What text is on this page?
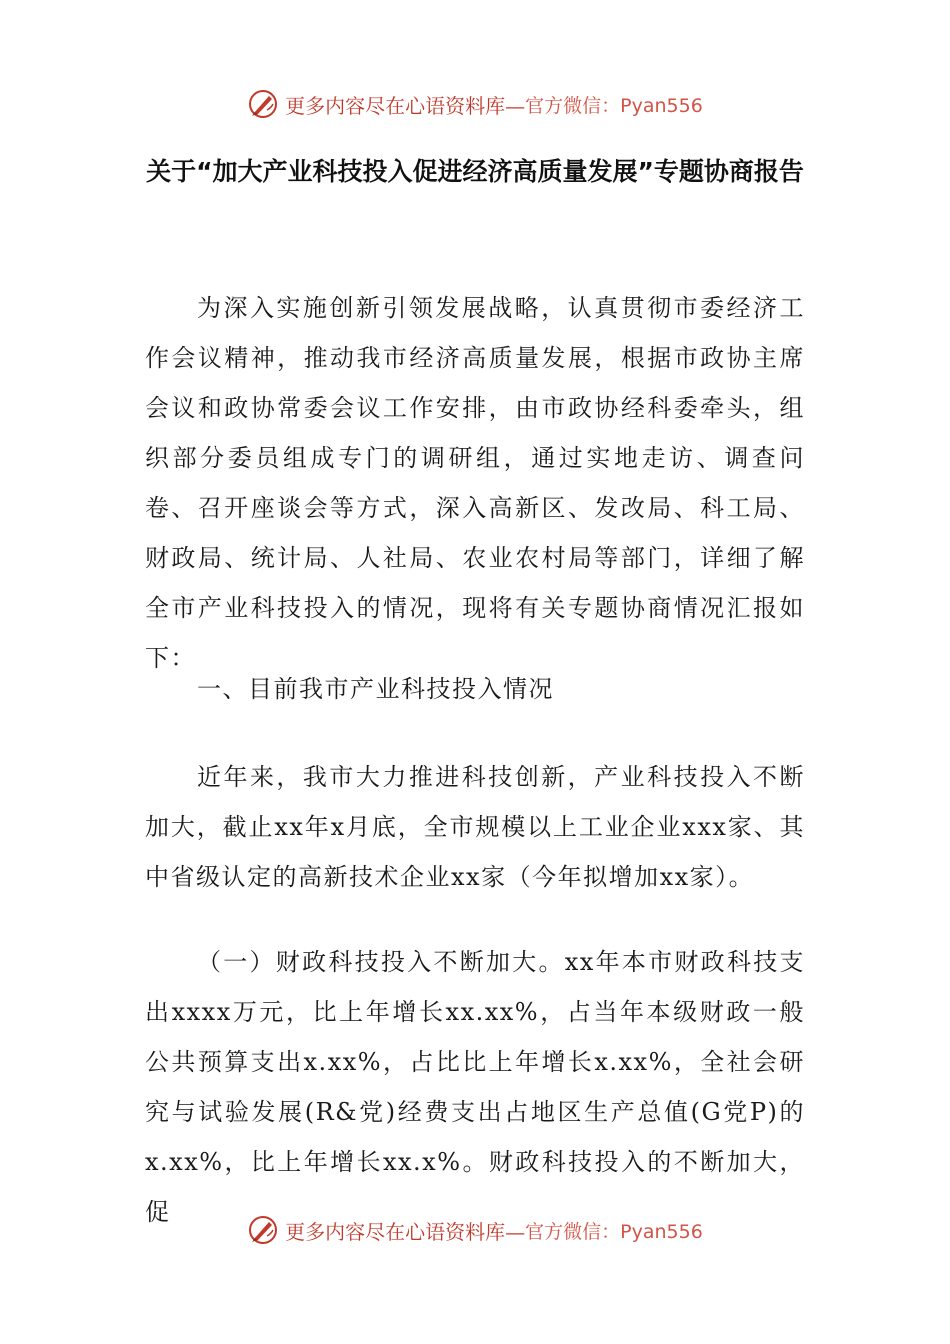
更多内容尽在心语资料库— 官方微信：Pyan556
关于“加大产业科技投入促进经济高质量发展”专题协商报告

为深入实施创新引领发展战略，认真贯彻市委经济工作会议精神，推动我市经济高质量发展，根据市政协主席会议和政协常委会议工作安排，由市政协经科委牵头，组织部分委员组成专门的调研组，通过实地走访、调查问卷、召开座谈会等方式，深入高新区、发改局、科工局、财政局、统计局、人社局、农业农村局等部门，详细了解全市产业科技投入的情况，现将有关专题协商情况汇报如下：

一、目前我市产业科技投入情况

近年来，我市大力推进科技创新，产业科技投入不断加大，截止xx年x月底，全市规模以上工业企业xxx家、其中省级认定的高新技术企业xx家（今年拟增加xx家）。

（一）财政科技投入不断加大。xx年本市财政科技支出xxxx万元，比上年增长xx.xx%，占当年本级财政一般公共预算支出x.xx%，占比比上年增长x.xx%，全社会研究与试验发展(R&党)经费支出占地区生产总值(G党P)的x.xx%，比上年增长xx.x%。财政科技投入的不断加大，促

更多内容尽在心语资料库— 官方微信：Pyan556
